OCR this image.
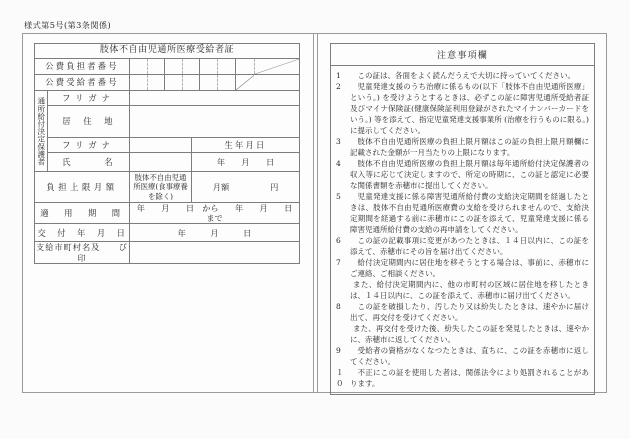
様式第5号(第3条関係)
肢体不自由児通所医療受給者証			
公費負担者番号	

公費受給者番号	

通所給付決定保護者	フリガナ		
	居　住　地		
	フリガナ		生年月日
	氏　　　名		年　　月　　日
負担上限月額		肢体不自由児通所医療(食事療養を除く)	月額　　　　　円
適　用　期　間		年　　月　　日　から　　年　　月　　日　まで	
交　付　年　月　日		年　　　月　　　日	
支給市町村名及　　び　　印			
注意事項欄
1	この証は、各面をよく読んだうえで大切に持っていてください。

2	児童発達支援のうち治療に係るもの(以下「肢体不自由児通所医療」という。) を受けようとするときは、必ずこの証に障害児通所受給者証及びマイナ保険証(健康保険証利用登録がされたマイナンバーカードをいう。) 等を添えて、指定児童発達支援事業所 (治療を行うものに限る。) に提示してください。

3	肢体不自由児通所医療の負担上限月額はこの証の負担上限月額欄に記載された金額が一月当たりの上限になります。

4	肢体不自由児通所医療の負担上限月額は毎年通所給付決定保護者の収入等に応じて決定しますので、所定の時期に、この証と認定に必要な関係書類を赤穂市に提出してください。

5	児童発達支援に係る障害児通所給付費の支給決定期間を経過したときは、肢体不自由児通所医療費の支給を受けられませんので、支給決定期間を経過する前に赤穂市にこの証を添えて、児童発達支援に係る障害児通所給付費の支給の再申請をしてください。

6	この証の記載事項に変更があつたときは、１４日以内に、この証を添えて、赤穂市にその旨を届け出てください。

7	給付決定期間内に居住地を移そうとする場合は、事前に、赤穂市にご連絡、ご相談ください。

また、給付決定期間内に、他の市町村の区域に居住地を移したときは、１４日以内に、この証を添えて、赤穂市に届け出てください。

8	この証を破損したり、汚したり又は紛失したときは、速やかに届け出て、再交付を受けてください。

また、再交付を受けた後、紛失したこの証を発見したときは、速やかに、赤穂市に返してください。

9	受給者の資格がなくなつたときは、直ちに、この証を赤穂市に返してください。

１０

不正にこの証を使用した者は、関係法令により処罰されることがあります。
